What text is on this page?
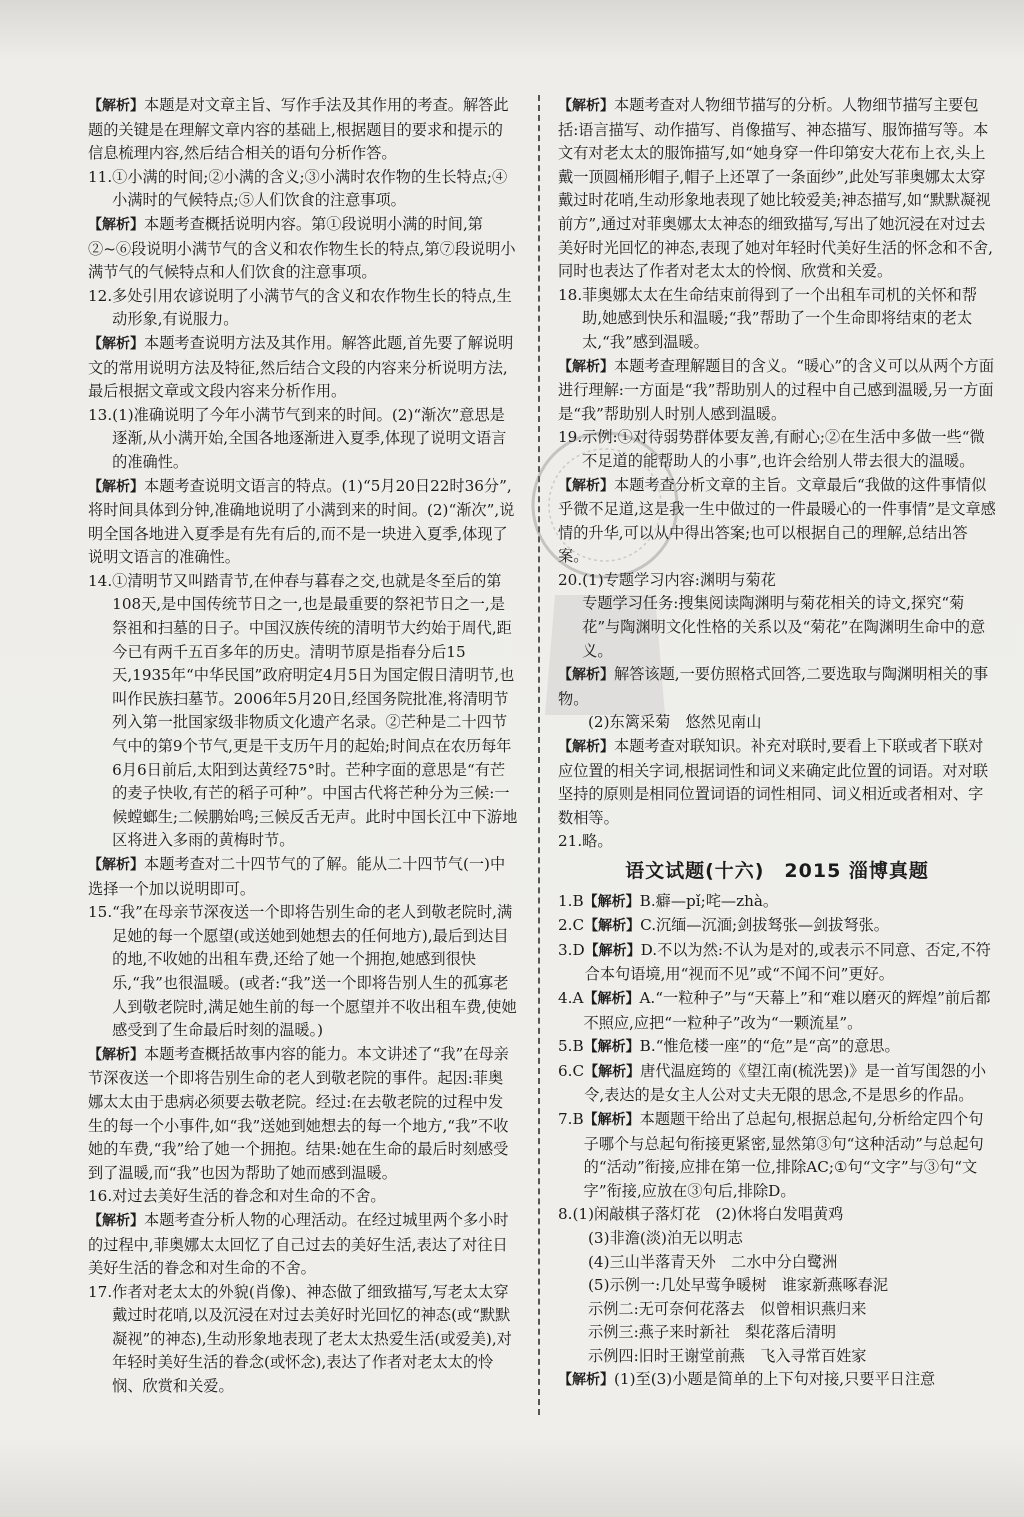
【解析】本题是对文章主旨、写作手法及其作用的考查。解答此题的关键是在理解文章内容的基础上,根据题目的要求和提示的信息梳理内容,然后结合相关的语句分析作答。
11. ①小满的时间;②小满的含义;③小满时农作物的生长特点;④小满时的气候特点;⑤人们饮食的注意事项。
【解析】本题考查概括说明内容。第①段说明小满的时间,第②~⑥段说明小满节气的含义和农作物生长的特点,第⑦段说明小满节气的气候特点和人们饮食的注意事项。
12. 多处引用农谚说明了小满节气的含义和农作物生长的特点,生动形象,有说服力。
【解析】本题考查说明方法及其作用。解答此题,首先要了解说明文的常用说明方法及特征,然后结合文段的内容来分析说明方法,最后根据文章或文段内容来分析作用。
13. (1)准确说明了今年小满节气到来的时间。(2)“渐次”意思是逐渐,从小满开始,全国各地逐渐进入夏季,体现了说明文语言的准确性。
【解析】本题考查说明文语言的特点。(1)“5月20日22时36分”,将时间具体到分钟,准确地说明了小满到来的时间。(2)“渐次”,说明全国各地进入夏季是有先有后的,而不是一块进入夏季,体现了说明文语言的准确性。
14. ①清明节又叫踏青节,在仲春与暮春之交,也就是冬至后的第108天,是中国传统节日之一,也是最重要的祭祀节日之一,是祭祖和扫墓的日子。中国汉族传统的清明节大约始于周代,距今已有两千五百多年的历史。清明节原是指春分后15天,1935年“中华民国”政府明定4月5日为国定假日清明节,也叫作民族扫墓节。2006年5月20日,经国务院批准,将清明节列入第一批国家级非物质文化遗产名录。②芒种是二十四节气中的第9个节气,更是干支历午月的起始;时间点在农历每年6月6日前后,太阳到达黄经75°时。芒种字面的意思是“有芒的麦子快收,有芒的稻子可种”。中国古代将芒种分为三候:一候螳螂生;二候鹏始鸣;三候反舌无声。此时中国长江中下游地区将进入多雨的黄梅时节。
【解析】本题考查对二十四节气的了解。能从二十四节气(一)中选择一个加以说明即可。
15. “我”在母亲节深夜送一个即将告别生命的老人到敬老院时,满足她的每一个愿望(或送她到她想去的任何地方),最后到达目的地,不收她的出租车费,还给了她一个拥抱,她感到很快乐,“我”也很温暖。(或者:“我”送一个即将告别人生的孤寡老人到敬老院时,满足她生前的每一个愿望并不收出租车费,使她感受到了生命最后时刻的温暖。)
【解析】本题考查概括故事内容的能力。本文讲述了“我”在母亲节深夜送一个即将告别生命的老人到敬老院的事件。起因:菲奥娜太太由于患病必须要去敬老院。经过:在去敬老院的过程中发生的每一个小事件,如“我”送她到她想去的每一个地方,“我”不收她的车费,“我”给了她一个拥抱。结果:她在生命的最后时刻感受到了温暖,而“我”也因为帮助了她而感到温暖。
16. 对过去美好生活的眷念和对生命的不舍。
【解析】本题考查分析人物的心理活动。在经过城里两个多小时的过程中,菲奥娜太太回忆了自己过去的美好生活,表达了对往日美好生活的眷念和对生命的不舍。
17. 作者对老太太的外貌(肖像)、神态做了细致描写,写老太太穿戴过时花哨,以及沉浸在对过去美好时光回忆的神态(或“默默凝视”的神态),生动形象地表现了老太太热爱生活(或爱美),对年轻时美好生活的眷念(或怀念),表达了作者对老太太的怜悯、欣赏和关爱。
【解析】本题考查对人物细节描写的分析。人物细节描写主要包括:语言描写、动作描写、肖像描写、神态描写、服饰描写等。本文有对老太太的服饰描写,如“她身穿一件印第安大花布上衣,头上戴一顶圆桶形帽子,帽子上还罩了一条面纱”,此处写菲奥娜太太穿戴过时花哨,生动形象地表现了她比较爱美;神态描写,如“默默凝视前方”,通过对菲奥娜太太神态的细致描写,写出了她沉浸在对过去美好时光回忆的神态,表现了她对年轻时代美好生活的怀念和不舍,同时也表达了作者对老太太的怜悯、欣赏和关爱。
18. 菲奥娜太太在生命结束前得到了一个出租车司机的关怀和帮助,她感到快乐和温暖;“我”帮助了一个生命即将结束的老太太,“我”感到温暖。
【解析】本题考查理解题目的含义。“暖心”的含义可以从两个方面进行理解:一方面是“我”帮助别人的过程中自己感到温暖,另一方面是“我”帮助别人时别人感到温暖。
19. 示例:①对待弱势群体要友善,有耐心;②在生活中多做一些“微不足道的能帮助人的小事”,也许会给别人带去很大的温暖。
【解析】本题考查分析文章的主旨。文章最后“我做的这件事情似乎微不足道,这是我一生中做过的一件最暖心的一件事情”是文章感情的升华,可以从中得出答案;也可以根据自己的理解,总结出答案。
20. (1)专题学习内容:渊明与菊花
专题学习任务:搜集阅读陶渊明与菊花相关的诗文,探究“菊花”与陶渊明文化性格的关系以及“菊花”在陶渊明生命中的意义。
【解析】解答该题,一要仿照格式回答,二要选取与陶渊明相关的事物。
(2)东篱采菊　悠然见南山
【解析】本题考查对联知识。补充对联时,要看上下联或者下联对应位置的相关字词,根据词性和词义来确定此位置的词语。对对联坚持的原则是相同位置词语的词性相同、词义相近或者相对、字数相等。
21. 略。
语文试题(十六)　2015 淄博真题
1.B 【解析】B.癖—pǐ;咤—zhà。
2.C 【解析】C.沉缅—沉湎;剑拔驽张—剑拔弩张。
3.D 【解析】D.不以为然:不认为是对的,或表示不同意、否定,不符合本句语境,用“视而不见”或“不闻不问”更好。
4.A 【解析】A.“一粒种子”与“天幕上”和“难以磨灭的辉煌”前后都不照应,应把“一粒种子”改为“一颗流星”。
5.B 【解析】B.“惟危楼一座”的“危”是“高”的意思。
6.C 【解析】唐代温庭筠的《望江南(梳洗罢)》是一首写闺怨的小令,表达的是女主人公对丈夫无限的思念,不是思乡的作品。
7.B 【解析】本题题干给出了总起句,根据总起句,分析给定四个句子哪个与总起句衔接更紧密,显然第③句“这种活动”与总起句的“活动”衔接,应排在第一位,排除AC;①句“文字”与③句“文字”衔接,应放在③句后,排除D。
8. (1)闲敲棋子落灯花　(2)休将白发唱黄鸡
(3)非澹(淡)泊无以明志
(4)三山半落青天外　二水中分白鹭洲
(5)示例一:几处早莺争暖树　谁家新燕啄春泥
示例二:无可奈何花落去　似曾相识燕归来
示例三:燕子来时新社　梨花落后清明
示例四:旧时王谢堂前燕　飞入寻常百姓家
【解析】(1)至(3)小题是简单的上下句对接,只要平日注意
